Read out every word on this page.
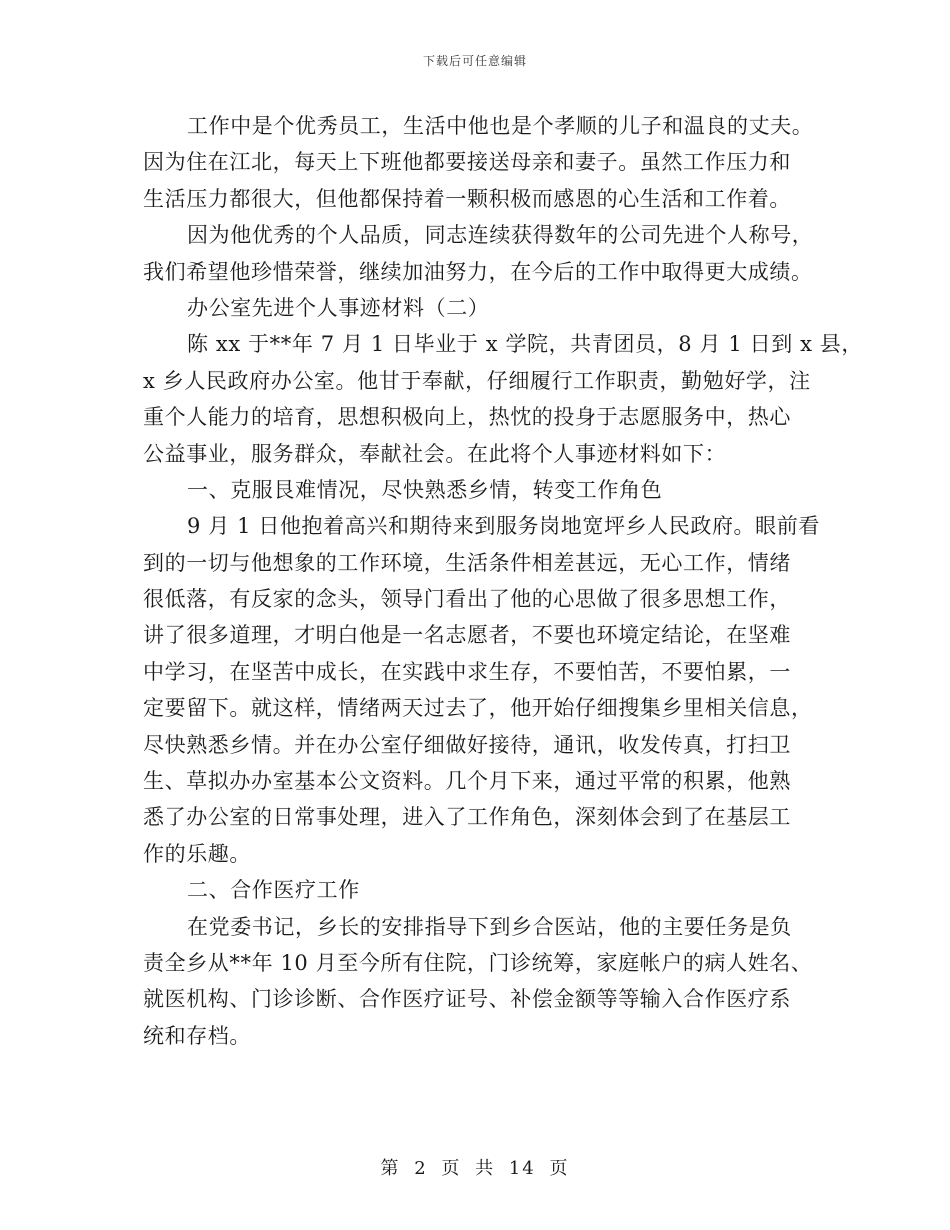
下载后可任意编辑
工作中是个优秀员工，生活中他也是个孝顺的儿子和温良的丈夫。
因为住在江北，每天上下班他都要接送母亲和妻子。虽然工作压力和
生活压力都很大，但他都保持着一颗积极而感恩的心生活和工作着。
因为他优秀的个人品质，同志连续获得数年的公司先进个人称号，
我们希望他珍惜荣誉，继续加油努力，在今后的工作中取得更大成绩。
办公室先进个人事迹材料（二）
陈 xx 于**年 7 月 1 日毕业于 x 学院，共青团员，8 月 1 日到 x 县，
x 乡人民政府办公室。他甘于奉献，仔细履行工作职责，勤勉好学，注
重个人能力的培育，思想积极向上，热忱的投身于志愿服务中，热心
公益事业，服务群众，奉献社会。在此将个人事迹材料如下：
一、克服艮难情况，尽快熟悉乡情，转变工作角色
9 月 1 日他抱着高兴和期待来到服务岗地宽坪乡人民政府。眼前看
到的一切与他想象的工作环境，生活条件相差甚远，无心工作，情绪
很低落，有反家的念头，领导门看出了他的心思做了很多思想工作，
讲了很多道理，才明白他是一名志愿者，不要也环境定结论，在坚难
中学习，在坚苦中成长，在实践中求生存，不要怕苦，不要怕累，一
定要留下。就这样，情绪两天过去了，他开始仔细搜集乡里相关信息，
尽快熟悉乡情。并在办公室仔细做好接待，通讯，收发传真，打扫卫
生、草拟办办室基本公文资料。几个月下来，通过平常的积累，他熟
悉了办公室的日常事处理，进入了工作角色，深刻体会到了在基层工
作的乐趣。
二、合作医疗工作
在党委书记，乡长的安排指导下到乡合医站，他的主要任务是负
责全乡从**年 10 月至今所有住院，门诊统筹，家庭帐户的病人姓名、
就医机构、门诊诊断、合作医疗证号、补偿金额等等输入合作医疗系
统和存档。
第 2 页 共 14 页
